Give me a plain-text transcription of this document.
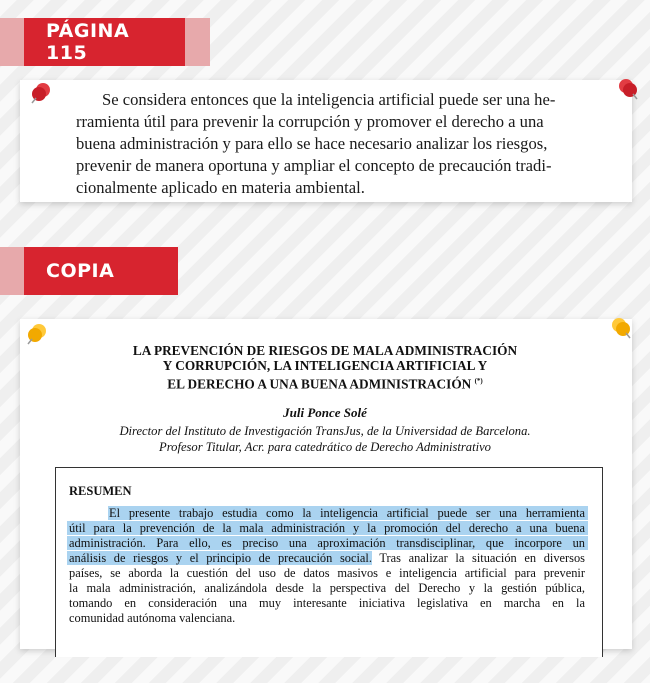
PÁGINA 115
Se considera entonces que la inteligencia artificial puede ser una he-
rramienta útil para prevenir la corrupción y promover el derecho a una
buena administración y para ello se hace necesario analizar los riesgos,
prevenir de manera oportuna y ampliar el concepto de precaución tradi-
cionalmente aplicado en materia ambiental.
COPIA
LA PREVENCIÓN DE RIESGOS DE MALA ADMINISTRACIÓN
Y CORRUPCIÓN, LA INTELIGENCIA ARTIFICIAL Y
EL DERECHO A UNA BUENA ADMINISTRACIÓN (*)
Juli Ponce Solé
Director del Instituto de Investigación TransJus, de la Universidad de Barcelona.
Profesor Titular, Acr. para catedrático de Derecho Administrativo
RESUMEN
El presente trabajo estudia como la inteligencia artificial puede ser una herramienta
útil para la prevención de la mala administración y la promoción del derecho a una buena
administración. Para ello, es preciso una aproximación transdisciplinar, que incorpore un
análisis de riesgos y el principio de precaución social. Tras analizar la situación en diversos
países, se aborda la cuestión del uso de datos masivos e inteligencia artificial para prevenir
la mala administración, analizándola desde la perspectiva del Derecho y la gestión pública,
tomando en consideración una muy interesante iniciativa legislativa en marcha en la
comunidad autónoma valenciana.
